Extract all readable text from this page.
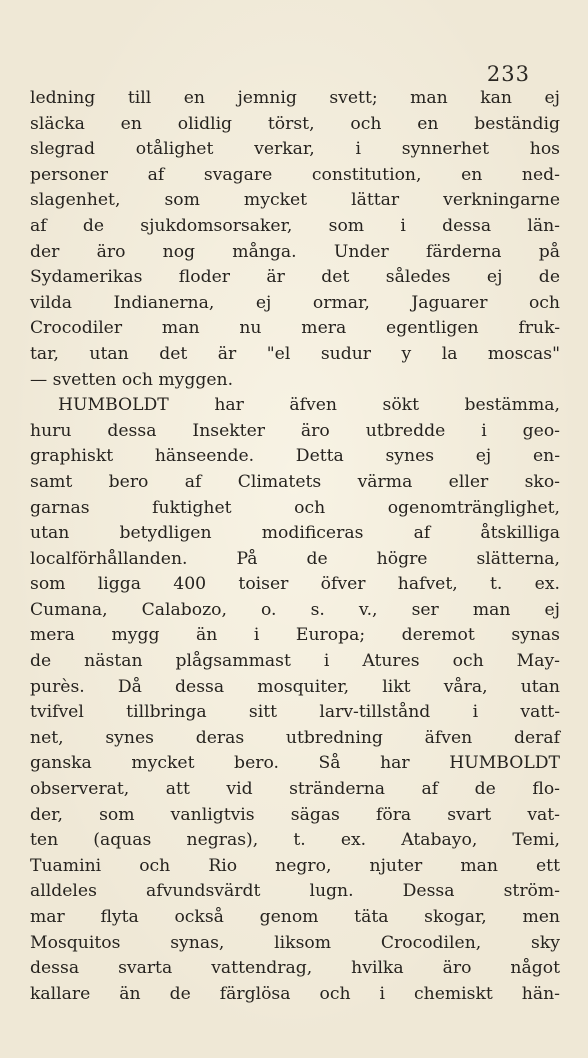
233
ledning till en jemnig svett; man kan ej
släcka en olidlig törst, och en beständig
slegrad otålighet verkar, i synnerhet hos
personer af svagare constitution, en ned-
slagenhet, som mycket lättar verkningarne
af de sjukdomsorsaker, som i dessa län-
der äro nog många. Under färderna på
Sydamerikas floder är det således ej de
vilda Indianerna, ej ormar, Jaguarer och
Crocodiler man nu mera egentligen fruk-
tar, utan det är "el sudur y la moscas"
— svetten och myggen.
HUMBOLDT har äfven sökt bestämma,
huru dessa Insekter äro utbredde i geo-
graphiskt hänseende. Detta synes ej en-
samt bero af Climatets värma eller sko-
garnas fuktighet och ogenomtränglighet,
utan betydligen modificeras af åtskilliga
localförhållanden. På de högre slätterna,
som ligga 400 toiser öfver hafvet, t. ex.
Cumana, Calabozo, o. s. v., ser man ej
mera mygg än i Europa; deremot synas
de nästan plågsammast i Atures och May-
purès. Då dessa mosquiter, likt våra, utan
tvifvel tillbringa sitt larv-tillstånd i vatt-
net, synes deras utbredning äfven deraf
ganska mycket bero. Så har HUMBOLDT
observerat, att vid stränderna af de flo-
der, som vanligtvis sägas föra svart vat-
ten (aquas negras), t. ex. Atabayo, Temi,
Tuamini och Rio negro, njuter man ett
alldeles afvundsvärdt lugn. Dessa ström-
mar flyta också genom täta skogar, men
Mosquitos synas, liksom Crocodilen, sky
dessa svarta vattendrag, hvilka äro något
kallare än de färglösa och i chemiskt hän-
